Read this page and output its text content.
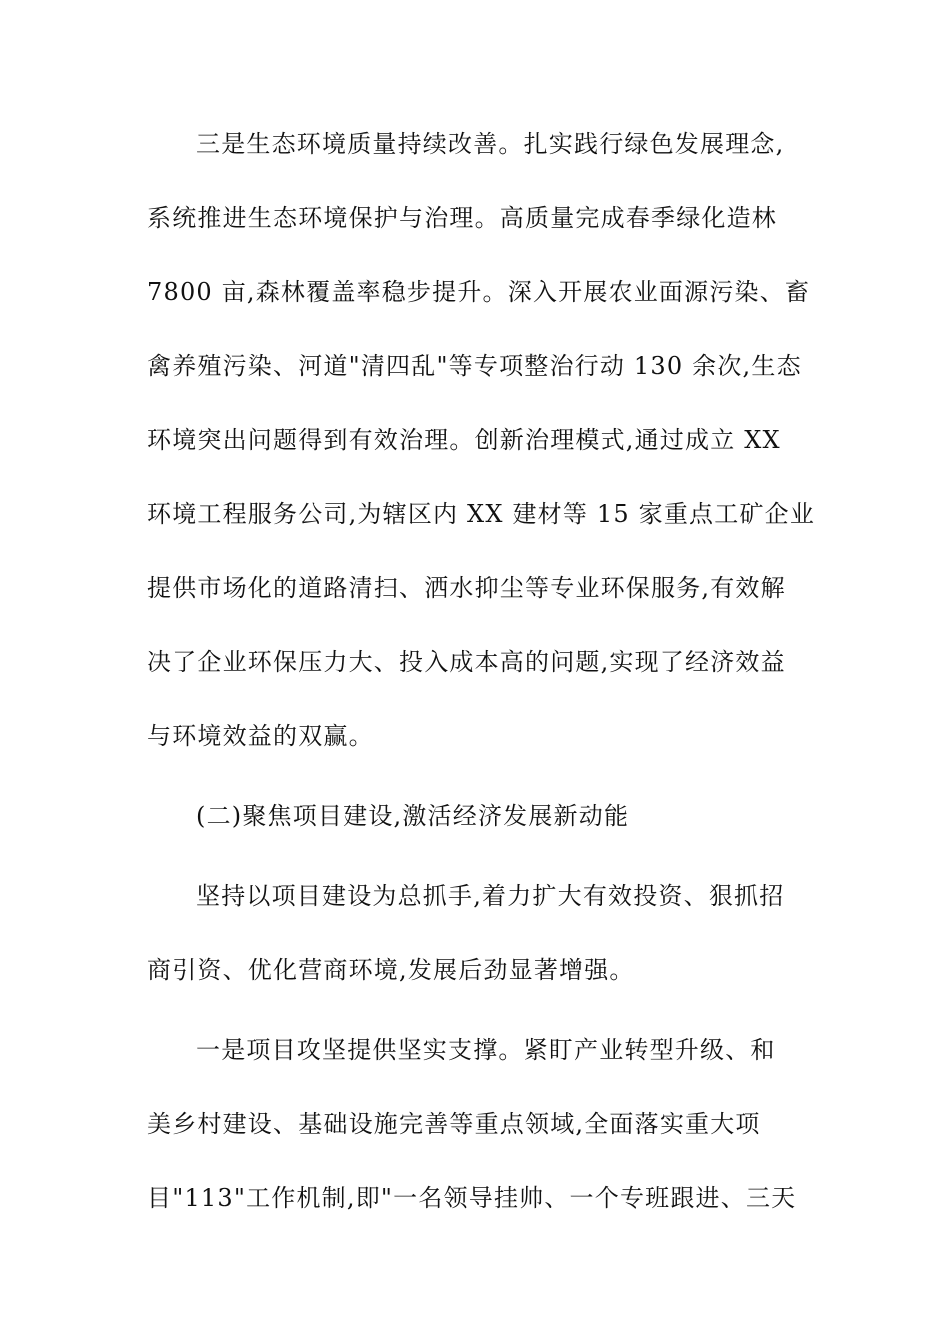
三是生态环境质量持续改善。扎实践行绿色发展理念,
系统推进生态环境保护与治理。高质量完成春季绿化造林
7800 亩,森林覆盖率稳步提升。深入开展农业面源污染、畜
禽养殖污染、河道"清四乱"等专项整治行动 130 余次,生态
环境突出问题得到有效治理。创新治理模式,通过成立 XX
环境工程服务公司,为辖区内 XX 建材等 15 家重点工矿企业
提供市场化的道路清扫、洒水抑尘等专业环保服务,有效解
决了企业环保压力大、投入成本高的问题,实现了经济效益
与环境效益的双赢。
(二)聚焦项目建设,激活经济发展新动能
坚持以项目建设为总抓手,着力扩大有效投资、狠抓招
商引资、优化营商环境,发展后劲显著增强。
一是项目攻坚提供坚实支撑。紧盯产业转型升级、和
美乡村建设、基础设施完善等重点领域,全面落实重大项
目"113"工作机制,即"一名领导挂帅、一个专班跟进、三天
